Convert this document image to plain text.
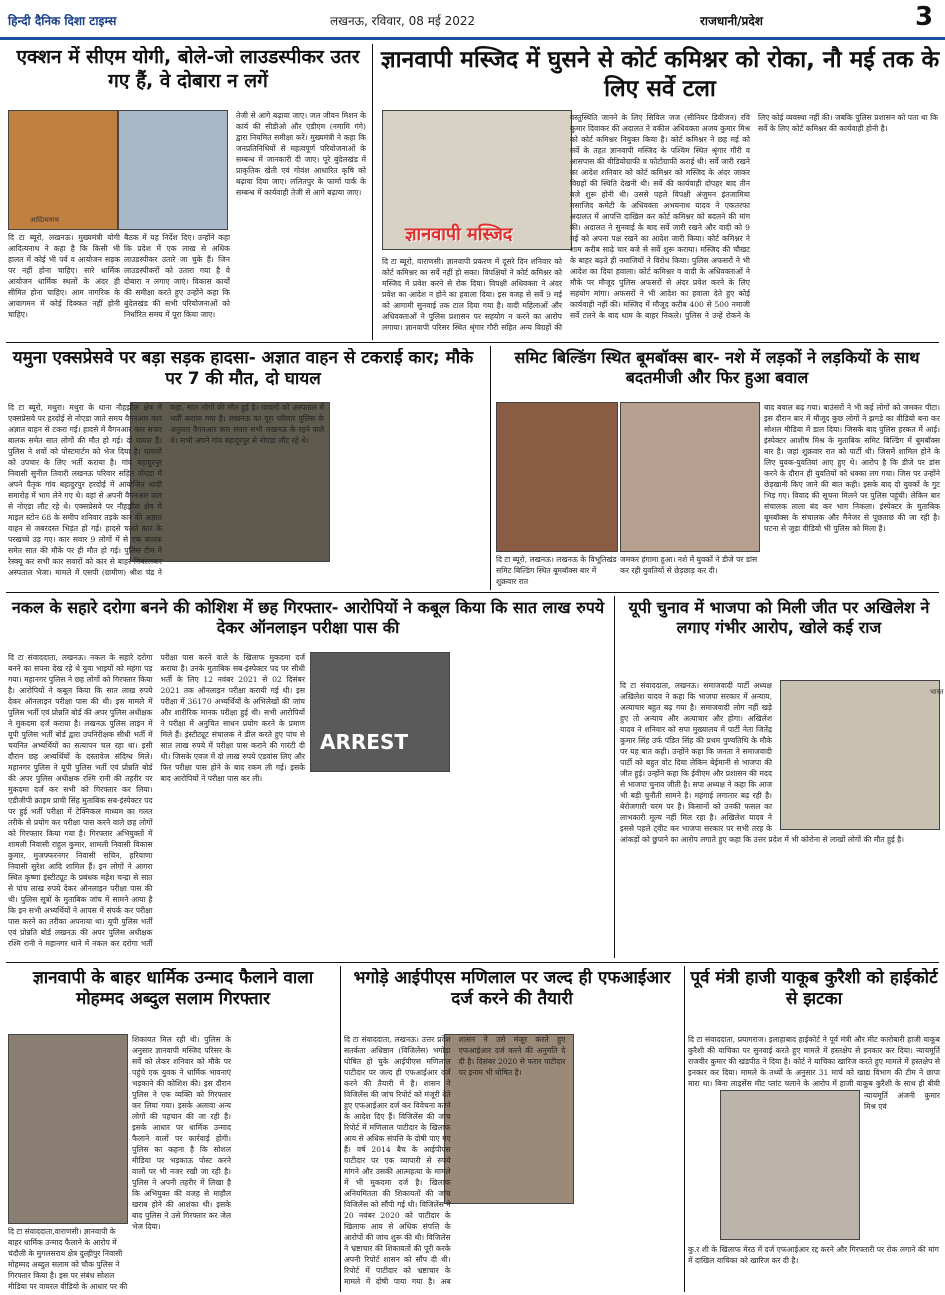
हिन्दी दैनिक दिशा टाइम्स	लखनऊ, रविवार, 08 मई 2022	राजधानी/प्रदेश	3
एक्शन में सीएम योगी, बोले-जो लाउडस्पीकर उतर गए हैं, वे दोबारा न लगें
आदित्यनाथ
दि टा ब्यूरो, लखनऊ। मुख्यमंत्री योगी आदित्यनाथ ने कहा है कि किसी भी हालत में कोई भी पर्व व आयोजन सड़क पर नहीं होना चाहिए। सारे धार्मिक आयोजन धार्मिक स्थलों के अंदर ही सीमित होना चाहिए। आम नागरिक के आवागमन में कोई दिक्कत नहीं होनी चाहिए।
बैठक में यह निर्देश दिए। उन्होंने कहा कि प्रदेश में एक लाख से अधिक लाउडस्पीकर उतारे जा चुके हैं। जिन लाउडस्पीकरों को उतारा गया है वे दोबारा न लगाए जाएं। विकास कार्यों की समीक्षा करते हुए उन्होंने कहा कि बुंदेलखंड की सभी परियोजनाओं को निर्धारित समय में पूरा किया जाए।
तेजी से आगे बढ़ाया जाए। जल जीवन मिशन के कार्य की सीडीओ और एडीएम (नमामि गंगे) द्वारा नियमित समीक्षा करें। मुख्यमंत्री ने कहा कि जनप्रतिनिधियों से महत्वपूर्ण परियोजनाओं के सम्बन्ध में जानकारी दी जाए। पूरे बुंदेलखंड में प्राकृतिक खेती एवं गोवंश आधारित कृषि को बढ़ावा दिया जाए। ललितपुर के फार्मा पार्क के सम्बन्ध में कार्यवाही तेजी से आगे बढ़ाया जाए।
ज्ञानवापी मस्जिद में घुसने से कोर्ट कमिश्नर को रोका, नौ मई तक के लिए सर्वे टला
ज्ञानवापी मस्जिद
दि टा ब्यूरो, वाराणसी। ज्ञानवापी प्रकरण में दूसरे दिन शनिवार को कोर्ट कमिश्नर का सर्वे नहीं हो सका। विपक्षियों ने कोर्ट कमिश्नर को मस्जिद में प्रवेश करने से रोक दिया। विपक्षी अधिवक्ता ने अंदर प्रवेश का आदेश न होने का हवाला दिया। इस वजह से सर्वे 9 मई को आगामी सुनवाई तक टाल दिया गया है। वादी महिलाओं और अधिवक्ताओं ने पुलिस प्रशासन पर सहयोग न करने का आरोप लगाया। ज्ञानवापी परिसर स्थित श्रृंगार गौरी सहित अन्य विग्रहों की वस्तुस्थिति जानने के लिए सिविल जज (सीनियर डिवीजन) रवि कुमार दिवाकर की अदालत ने वकील अधिवक्ता अजय कुमार मिश्र को कोर्ट कमिश्नर नियुक्त किया है। कोर्ट कमिश्नर ने छह मई को सर्वे के तहत ज्ञानवापी मस्जिद के पश्चिम स्थित श्रृंगार गौरी व आसपास की वीडियोग्राफी व फोटोग्राफी कराई थी। सर्वे जारी रखने का आदेश शनिवार को कोर्ट कमिश्नर को मस्जिद के अंदर जाकर विग्रहों की स्थिति देखनी थी। सर्वे की कार्यवाही दोपहर बाद तीन बजे शुरू होनी थी। उससे पहले विपक्षी अंजुमन इंतजामिया मसाजिद कमेटी के अधिवक्ता अभयनाथ यादव ने एकतरफा अदालत में आपत्ति दाखिल कर कोर्ट कमिश्नर को बदलने की मांग की। अदालत ने सुनवाई के बाद सर्वे जारी रखने और वादी को 9 मई को अपना पक्ष रखने का आदेश जारी किया। कोर्ट कमिश्नर ने शाम करीब साढ़े चार बजे से सर्वे शुरू कराया। मस्जिद की चौखट के बाहर बढ़ते ही नमाजियों ने विरोध किया। पुलिस अफसरों ने भी आदेश का दिया हवाला। कोर्ट कमिश्नर व वादी के अधिवक्ताओं ने मौके पर मौजूद पुलिस अफसरों से अंदर प्रवेश करने के लिए सहयोग मांगा। अफसरों ने भी आदेश का हवाला देते हुए कोई कार्यवाही नहीं की। मस्जिद में मौजूद करीब 400 से 500 नमाजी सर्वे टलने के बाद धाम के बाहर निकले। पुलिस ने उन्हें रोकने के लिए कोई व्यवस्था नहीं की। जबकि पुलिस प्रशासन को पता था कि सर्वे के लिए कोर्ट कमिश्नर की कार्यवाही होनी है।
यमुना एक्सप्रेसवे पर बड़ा सड़क हादसा- अज्ञात वाहन से टकराई कार; मौके पर 7 की मौत, दो घायल
दि टा ब्यूरो, मथुरा। मथुरा के थाना नौहझील क्षेत्र में एक्सप्रेसवे पर हरदोई से नोएडा जाते समय वैगनआर कार अज्ञात वाहन से टकरा गई। हादसे में वैगनआर कार सवार बालक समेत सात लोगों की मौत हो गई। दो घायल हैं। पुलिस ने शवों को पोस्टमार्टम को भेज दिया है। घायलों को उपचार के लिए भर्ती कराया है। गांव बहादुरपुर निवासी सुनील तिवारी लखनऊ परिवार सहित नोएडा में अपने पैतृक गांव बहादुरपुर हरदोई में आयोजित शादी समारोह में भाग लेने गए थे। वहां से अपनी वैगनआर कार से नोएडा लौट रहे थे। एक्सप्रेसवे पर नौहझील क्षेत्र में माइल स्टोन 68 के समीप शनिवार तड़के कार की अज्ञात वाहन से जबरदस्त भिड़ंत हो गई। हादसे चलते कार के परखच्चे उड़ गए। कार सवार 9 लोगों में से एक बालक समेत सात की मौके पर ही मौत हो गई। पुलिस टीम ने रेस्क्यू कर सभी कार सवारों को कार से बाहर निकालकर अस्पताल भेजा। मामले में एसपी (ग्रामीण) श्रीश चंद्र ने कहा, सात लोगों की मौत हुई है। घायलों को अस्पताल में भर्ती कराया गया है। लखनऊ का पूरा परिवार पुलिस के अनुसार वैगनआर कार सवार सभी लखनऊ के रहने वाले थे। सभी अपने गांव बहादुरपुर से नोएडा लौट रहे थे।
समिट बिल्डिंग स्थित बूमबॉक्स बार- नशे में लड़कों ने लड़कियों के साथ बदतमीजी और फिर हुआ बवाल
दि टा ब्यूरो, लखनऊ। लखनऊ के विभूतिखंड समिट बिल्डिंग स्थित बूमबॉक्स बार में शुक्रवार रात
जमकर हंगामा हुआ। नशे में युवकों ने डीजे पर डांस कर रही युवतियों से छेड़छाड़ कर दी।
बाद बवाल बढ़ गया। बाउंसरों ने भी कई लोगों को जमकर पीटा। इस दौरान बार में मौजूद कुछ लोगों ने झगड़े का वीडियो बना कर सोशल मीडिया में डाल दिया। जिसके बाद पुलिस हरकत में आई। इंस्पेक्टर आशीष मिश्र के मुताबिक समिट बिल्डिंग में बूमबॉक्स बार है। जहां शुक्रवार रात को पार्टी थी। जिसमें शामिल होने के लिए युवक-युवतियां आए हुए थे। आरोप है कि डीजे पर डांस करने के दौरान ही युवतियों को धक्का लग गया। जिस पर उन्होंने छेड़खानी किए जाने की बात कही। इसके बाद दो युवकों के गुट भिड़ गए। विवाद की सूचना मिलने पर पुलिस पहुंची। लेकिन बार संचालक ताला बंद कर भाग निकला। इंस्पेक्टर के मुताबिक बूमबॉक्स के संचालक और मैनेजर से पूछताछ की जा रही है। घटना से जुड़ा वीडियो भी पुलिस को मिला है।
नकल के सहारे दरोगा बनने की कोशिश में छह गिरफ्तार- आरोपियों ने कबूल किया कि सात लाख रुपये देकर ऑनलाइन परीक्षा पास की
ARREST
दि टा संवाददाता, लखनऊ। नकल के सहारे दरोगा बनने का सपना देख रहे थे युवा भाइयों को महंगा पड़ गया। महानगर पुलिस ने छह लोगों को गिरफ्तार किया है। आरोपियों ने कबूल किया कि सात लाख रुपये देकर ऑनलाइन परीक्षा पास की थी। इस मामले में पुलिस भर्ती एवं प्रोन्नति बोर्ड की अपर पुलिस अधीक्षक ने मुकदमा दर्ज कराया है। लखनऊ पुलिस लाइन में यूपी पुलिस भर्ती बोर्ड द्वारा उपनिरीक्षक सीधी भर्ती में चयनित अभ्यर्थियों का सत्यापन चल रहा था। इसी दौरान छह अभ्यर्थियों के दस्तावेज संदिग्ध मिले। महानगर पुलिस ने यूपी पुलिस भर्ती एवं प्रोन्नति बोर्ड की अपर पुलिस अधीक्षक रश्मि रानी की तहरीर पर मुकदमा दर्ज कर सभी को गिरफ्तार कर लिया। एडीजीपी क्राइम प्राची सिंह मुताबिक सब-इंस्पेक्टर पद पर हुई भर्ती परीक्षा में टेक्निकल माध्यम का गलत तरीके से प्रयोग कर परीक्षा पास करने वाले छह लोगों को गिरफ्तार किया गया है। गिरफ्तार अभियुक्तों में शामली निवासी राहुल कुमार, शामली निवासी विकास कुमार, मुजफ्फरनगर निवासी सचिन, हरियाणा निवासी सुरेश आदि शामिल हैं। इन लोगों ने आगरा स्थित कृष्णा इंस्टीट्यूट के प्रबंधक महेश चन्द्रा से सात से पांच लाख रुपये देकर ऑनलाइन परीक्षा पास की थी। पुलिस सूत्रों के मुताबिक जांच में सामने आया है कि इन सभी अभ्यर्थियों ने आपस में संपर्क कर परीक्षा पास करने का तरीका अपनाया था। यूपी पुलिस भर्ती एवं प्रोन्नति बोर्ड लखनऊ की अपर पुलिस अधीक्षक रश्मि रानी ने महानगर थाने में नकल कर दरोगा भर्ती परीक्षा पास करने वाले के खिलाफ मुकदमा दर्ज कराया है। उनके मुताबिक सब-इंस्पेक्टर पद पर सीधी भर्ती के लिए 12 नवंबर 2021 से 02 दिसंबर 2021 तक ऑनलाइन परीक्षा करायी गई थी। इस परीक्षा में 36170 अभ्यर्थियों के अभिलेखों की जांच और शारीरिक मानक परीक्षा हुई थी। सभी आरोपियों ने परीक्षा में अनुचित साधन प्रयोग करने के प्रमाण मिले हैं। इंस्टीट्यूट संचालक ने डील करते हुए पांच से सात लाख रुपये में परीक्षा पास कराने की गारंटी दी थी। जिसके एवज में दो लाख रुपये एडवांस लिए और फिर परीक्षा पास होने के बाद रकम ली गई। इसके बाद आरोपियों ने परीक्षा पास कर ली।
यूपी चुनाव में भाजपा को मिली जीत पर अखिलेश ने लगाए गंभीर आरोप, खोले कई राज
भारत
दि टा संवाददाता, लखनऊ। समाजवादी पार्टी अध्यक्ष अखिलेश यादव ने कहा कि भाजपा सरकार में अन्याय, अत्याचार बहुत बढ़ गया है। समाजवादी लोग नहीं खड़े हुए तो अन्याय और अत्याचार और होगा। अखिलेश यादव ने शनिवार को सपा मुख्यालय में पार्टी नेता जितेंद्र कुमार सिंह उर्फ पंडित सिंह की प्रथम पुण्यतिथि के मौके पर यह बात कही। उन्होंने कहा कि जनता ने समाजवादी पार्टी को बहुत वोट दिया लेकिन बेईमानी से भाजपा की जीत हुई। उन्होंने कहा कि ईवीएम और प्रशासन की मदद से भाजपा चुनाव जीती है। सपा अध्यक्ष ने कहा कि आज भी बड़ी चुनौती सामने है। महंगाई लगातार बढ़ रही है। बेरोजगारी चरम पर है। किसानों को उनकी फसल का लाभकारी मूल्य नहीं मिल रहा है। अखिलेश यादव ने इससे पहले ट्वीट कर भाजपा सरकार पर सभी तरह के आंकड़ों को छुपाने का आरोप लगाते हुए कहा कि उत्तर प्रदेश में भी कोरोना से लाखों लोगों की मौत हुई है।
ज्ञानवापी के बाहर धार्मिक उन्माद फैलाने वाला मोहम्मद अब्दुल सलाम गिरफ्तार
दि टा संवाददाता,वाराणसी। ज्ञानवापी के बाहर धार्मिक उन्माद फैलाने के आरोप में चंदौली के मुगलसराय क्षेत्र दुल्हीपुर निवासी मोहम्मद अब्दुल सलाम को चौक पुलिस ने गिरफ्तार किया है। इस पर संबंध सोशल मीडिया पर वायरल वीडियो के आधार पर की
शिकायत मिल रही थी। पुलिस के अनुसार ज्ञानवापी मस्जिद परिसर के सर्वे को लेकर शनिवार को मौके पर पहुंचे एक युवक ने धार्मिक भावनाएं भड़काने की कोशिश की। इस दौरान पुलिस ने एक व्यक्ति को गिरफ्तार कर लिया गया। इसके अलावा अन्य लोगों की पहचान की जा रही है। इसके आधार पर धार्मिक उन्माद फैलाने वालों पर कार्रवाई होगी। पुलिस का कहना है कि सोशल मीडिया पर भड़काऊ पोस्ट करने वालों पर भी नजर रखी जा रही है। पुलिस ने अपनी तहरीर में लिखा है कि अभियुक्त की वजह से माहौल खराब होने की आशंका थी। इसके बाद पुलिस ने उसे गिरफ्तार कर जेल भेज दिया।
भगोड़े आईपीएस मणिलाल पर जल्द ही एफआईआर दर्ज करने की तैयारी
दि टा संवाददाता, लखनऊ। उत्तर प्रदेश सतर्कता अधिष्ठान (विजिलेंस) भगोड़ा घोषित हो चुके आईपीएस मणिलाल पाटीदार पर जल्द ही एफआईआर दर्ज करने की तैयारी में है। शासन ने विजिलेंस की जांच रिपोर्ट को मंजूरी देते हुए एफआईआर दर्ज कर विवेचना करने के आदेश दिए हैं। विजिलेंस की जांच रिपोर्ट में मणिलाल पाटीदार के खिलाफ आय से अधिक संपत्ति के दोषी पाए गए हैं। वर्ष 2014 बैच के आईपीएस पाटीदार पर एक व्यापारी से रुपये मांगने और उसकी आत्महत्या के मामले में भी मुकदमा दर्ज है। खिलाफ अनियमितता की शिकायतों की जांच विजिलेंस को सौंपी गई थी। विजिलेंस ने 20 नवंबर 2020 को पाटीदार के खिलाफ आय से अधिक संपत्ति के आरोपों की जांच शुरू की थी। विजिलेंस ने भ्रष्टाचार की शिकायतों की पूरी करके अपनी रिपोर्ट शासन को सौंप दी थी। रिपोर्ट में पाटीदार को भ्रष्टाचार के मामले में दोषी पाया गया है। अब शासन ने उसे मंजूर करते हुए एफआईआर दर्ज करने की अनुमति दे दी है। दिसंबर 2020 से फरार पाटीदार पर इनाम भी घोषित है।
पूर्व मंत्री हाजी याकूब कुरैशी को हाईकोर्ट से झटका
दि टा संवाददाता, प्रयागराज। इलाहाबाद हाईकोर्ट ने पूर्व मंत्री और मीट कारोबारी हाजी याकूब कुरैशी की याचिका पर सुनवाई करते हुए मामले में हस्तक्षेप से इनकार कर दिया। न्यायमूर्ति राजवीर कुमार की खंडपीठ ने दिया है। कोर्ट ने याचिका खारिज करते हुए मामले में हस्तक्षेप से इनकार कर दिया। मामले के तथ्यों के अनुसार 31 मार्च को खाद्य विभाग की टीम ने छापा मारा था। बिना लाइसेंस मीट प्लांट चलाने के आरोप में हाजी याकूब कुरैशी के साथ ही बीवी
कु.र शी के खिलाफ मेरठ में दर्ज एफआईआर रद्द करने और गिरफ्तारी पर रोक लगाने की मांग में दाखिल याचिका को खारिज कर दी है।
न्यायमूर्ति अंजनी कुमार मिश्र एवं
